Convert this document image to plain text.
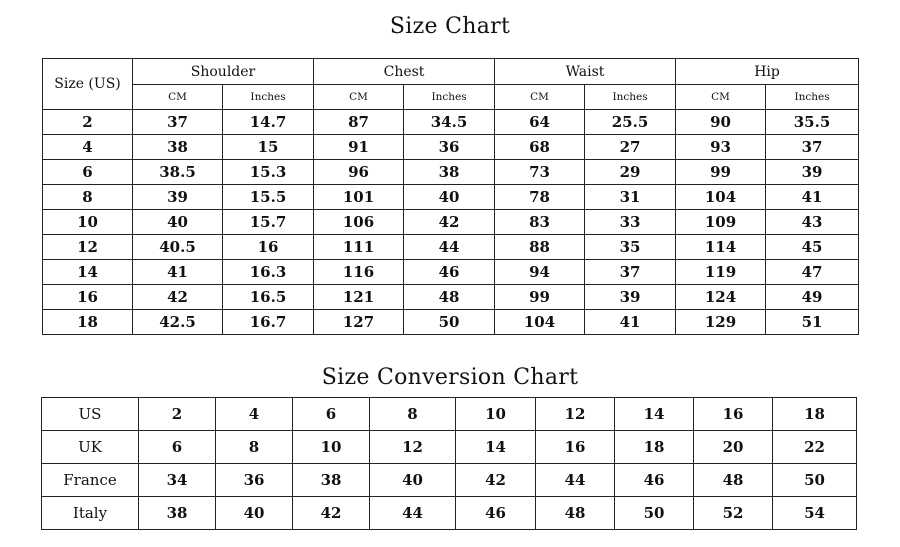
Size Chart
Size (US)	Shoulder		Chest		Waist		Hip	
	CM	Inches	CM	Inches	CM	Inches	CM	Inches
2	37	14.7	87	34.5	64	25.5	90	35.5
4	38	15	91	36	68	27	93	37
6	38.5	15.3	96	38	73	29	99	39
8	39	15.5	101	40	78	31	104	41
10	40	15.7	106	42	83	33	109	43
12	40.5	16	111	44	88	35	114	45
14	41	16.3	116	46	94	37	119	47
16	42	16.5	121	48	99	39	124	49
18	42.5	16.7	127	50	104	41	129	51
Size Conversion Chart
US	2	4	6	8	10	12	14	16	18
UK	6	8	10	12	14	16	18	20	22
France	34	36	38	40	42	44	46	48	50
Italy	38	40	42	44	46	48	50	52	54
